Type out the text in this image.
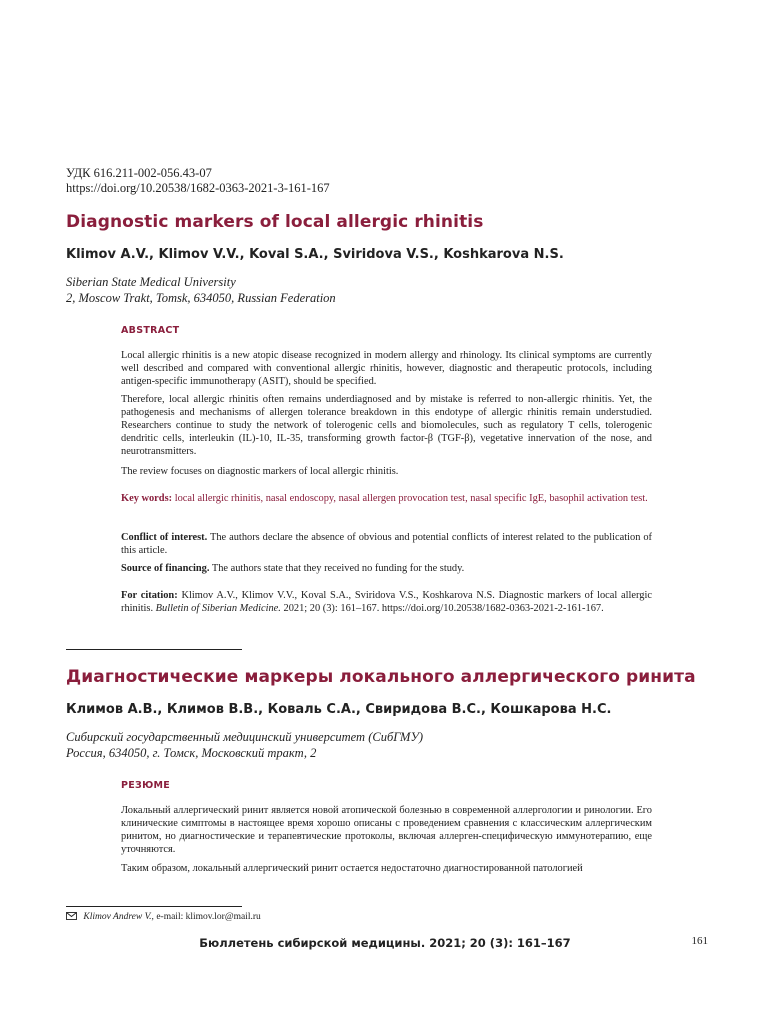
УДК 616.211-002-056.43-07
https://doi.org/10.20538/1682-0363-2021-3-161-167
Diagnostic markers of local allergic rhinitis
Klimov A.V., Klimov V.V., Koval S.A., Sviridova V.S., Koshkarova N.S.
Siberian State Medical University
2, Moscow Trakt, Tomsk, 634050, Russian Federation
ABSTRACT

Local allergic rhinitis is a new atopic disease recognized in modern allergy and rhinology. Its clinical symptoms are currently well described and compared with conventional allergic rhinitis, however, diagnostic and therapeutic protocols, including antigen-specific immunotherapy (ASIT), should be specified.

Therefore, local allergic rhinitis often remains underdiagnosed and by mistake is referred to non-allergic rhinitis. Yet, the pathogenesis and mechanisms of allergen tolerance breakdown in this endotype of allergic rhinitis remain understudied. Researchers continue to study the network of tolerogenic cells and biomolecules, such as regulatory T cells, tolerogenic dendritic cells, interleukin (IL)-10, IL-35, transforming growth factor-β (TGF-β), vegetative innervation of the nose, and neurotransmitters.

The review focuses on diagnostic markers of local allergic rhinitis.

Key words: local allergic rhinitis, nasal endoscopy, nasal allergen provocation test, nasal specific IgE, basophil activation test.

Conflict of interest. The authors declare the absence of obvious and potential conflicts of interest related to the publication of this article.

Source of financing. The authors state that they received no funding for the study.

For citation: Klimov A.V., Klimov V.V., Koval S.A., Sviridova V.S., Koshkarova N.S. Diagnostic markers of local allergic rhinitis. Bulletin of Siberian Medicine. 2021; 20 (3): 161–167. https://doi.org/10.20538/1682-0363-2021-2-161-167.

Диагностические маркеры локального аллергического ринита
Климов А.В., Климов В.В., Коваль С.А., Свиридова В.С., Кошкарова Н.С.
Сибирский государственный медицинский университет (СибГМУ)
Россия, 634050, г. Томск, Московский тракт, 2
РЕЗЮМЕ

Локальный аллергический ринит является новой атопической болезнью в современной аллергологии и ринологии. Его клинические симптомы в настоящее время хорошо описаны с проведением сравнения с классическим аллергическим ринитом, но диагностические и терапевтические протоколы, включая аллерген-специфическую иммунотерапию, еще уточняются.

Таким образом, локальный аллергический ринит остается недостаточно диагностированной патологией

Klimov Andrew V., e-mail: klimov.lor@mail.ru
Бюллетень сибирской медицины. 2021; 20 (3): 161–167	161
